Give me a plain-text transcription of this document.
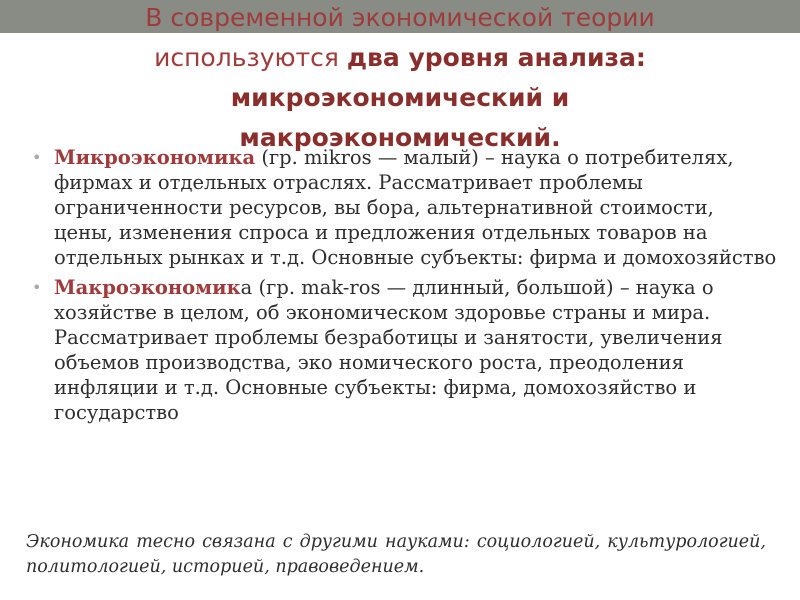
В современной экономической теории
используются два уровня анализа:
микроэкономический и
макроэкономический.
• Микроэкономика (гр. mikros — малый) – наука о потребителях, фирмах и отдельных отраслях. Рассматривает проблемы ограниченности ресурсов, вы бора, альтернативной стоимости, цены, изменения спроса и предложения отдельных товаров на отдельных рынках и т.д. Основные субъекты: фирма и домохозяйство
• Макроэкономика (гр. mak-ros — длинный, большой) – наука о хозяйстве в целом, об экономическом здоровье страны и мира. Рассматривает проблемы безработицы и занятости, увеличения объемов производства, эко номического роста, преодоления инфляции и т.д. Основные субъекты: фирма, домохозяйство и государство
Экономика тесно связана с другими науками: социологией, культурологией, политологией, историей, правоведением.
